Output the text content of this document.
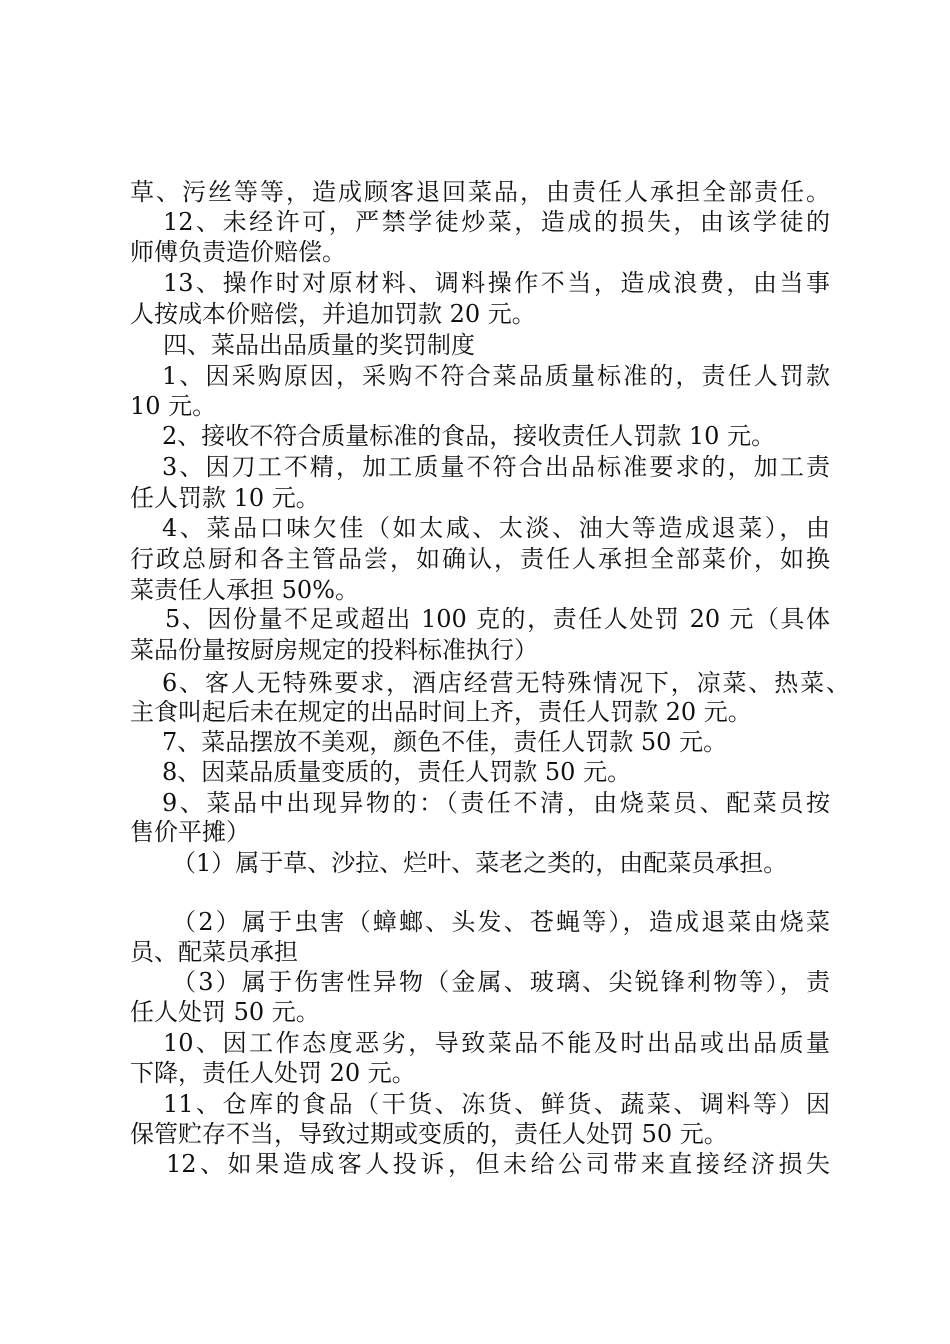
草、污丝等等，造成顾客退回菜品，由责任人承担全部责任。
12、未经许可，严禁学徒炒菜，造成的损失，由该学徒的
师傅负责造价赔偿。
13、操作时对原材料、调料操作不当，造成浪费，由当事
人按成本价赔偿，并追加罚款 20 元。
四、菜品出品质量的奖罚制度
1、因采购原因，采购不符合菜品质量标准的，责任人罚款
10 元。
2、接收不符合质量标准的食品，接收责任人罚款 10 元。
3、因刀工不精，加工质量不符合出品标准要求的，加工责
任人罚款 10 元。
4、菜品口味欠佳（如太咸、太淡、油大等造成退菜），由
行政总厨和各主管品尝，如确认，责任人承担全部菜价，如换
菜责任人承担 50%。
5、因份量不足或超出 100 克的，责任人处罚 20 元（具体
菜品份量按厨房规定的投料标准执行）
6、客人无特殊要求，酒店经营无特殊情况下，凉菜、热菜、
主食叫起后未在规定的出品时间上齐，责任人罚款 20 元。
7、菜品摆放不美观，颜色不佳，责任人罚款 50 元。
8、因菜品质量变质的，责任人罚款 50 元。
9、菜品中出现异物的：（责任不清，由烧菜员、配菜员按
售价平摊）
（1）属于草、沙拉、烂叶、菜老之类的，由配菜员承担。
（2）属于虫害（蟑螂、头发、苍蝇等），造成退菜由烧菜
员、配菜员承担
（3）属于伤害性异物（金属、玻璃、尖锐锋利物等），责
任人处罚 50 元。
10、因工作态度恶劣，导致菜品不能及时出品或出品质量
下降，责任人处罚 20 元。
11、仓库的食品（干货、冻货、鲜货、蔬菜、调料等）因
保管贮存不当，导致过期或变质的，责任人处罚 50 元。
12、如果造成客人投诉，但未给公司带来直接经济损失
